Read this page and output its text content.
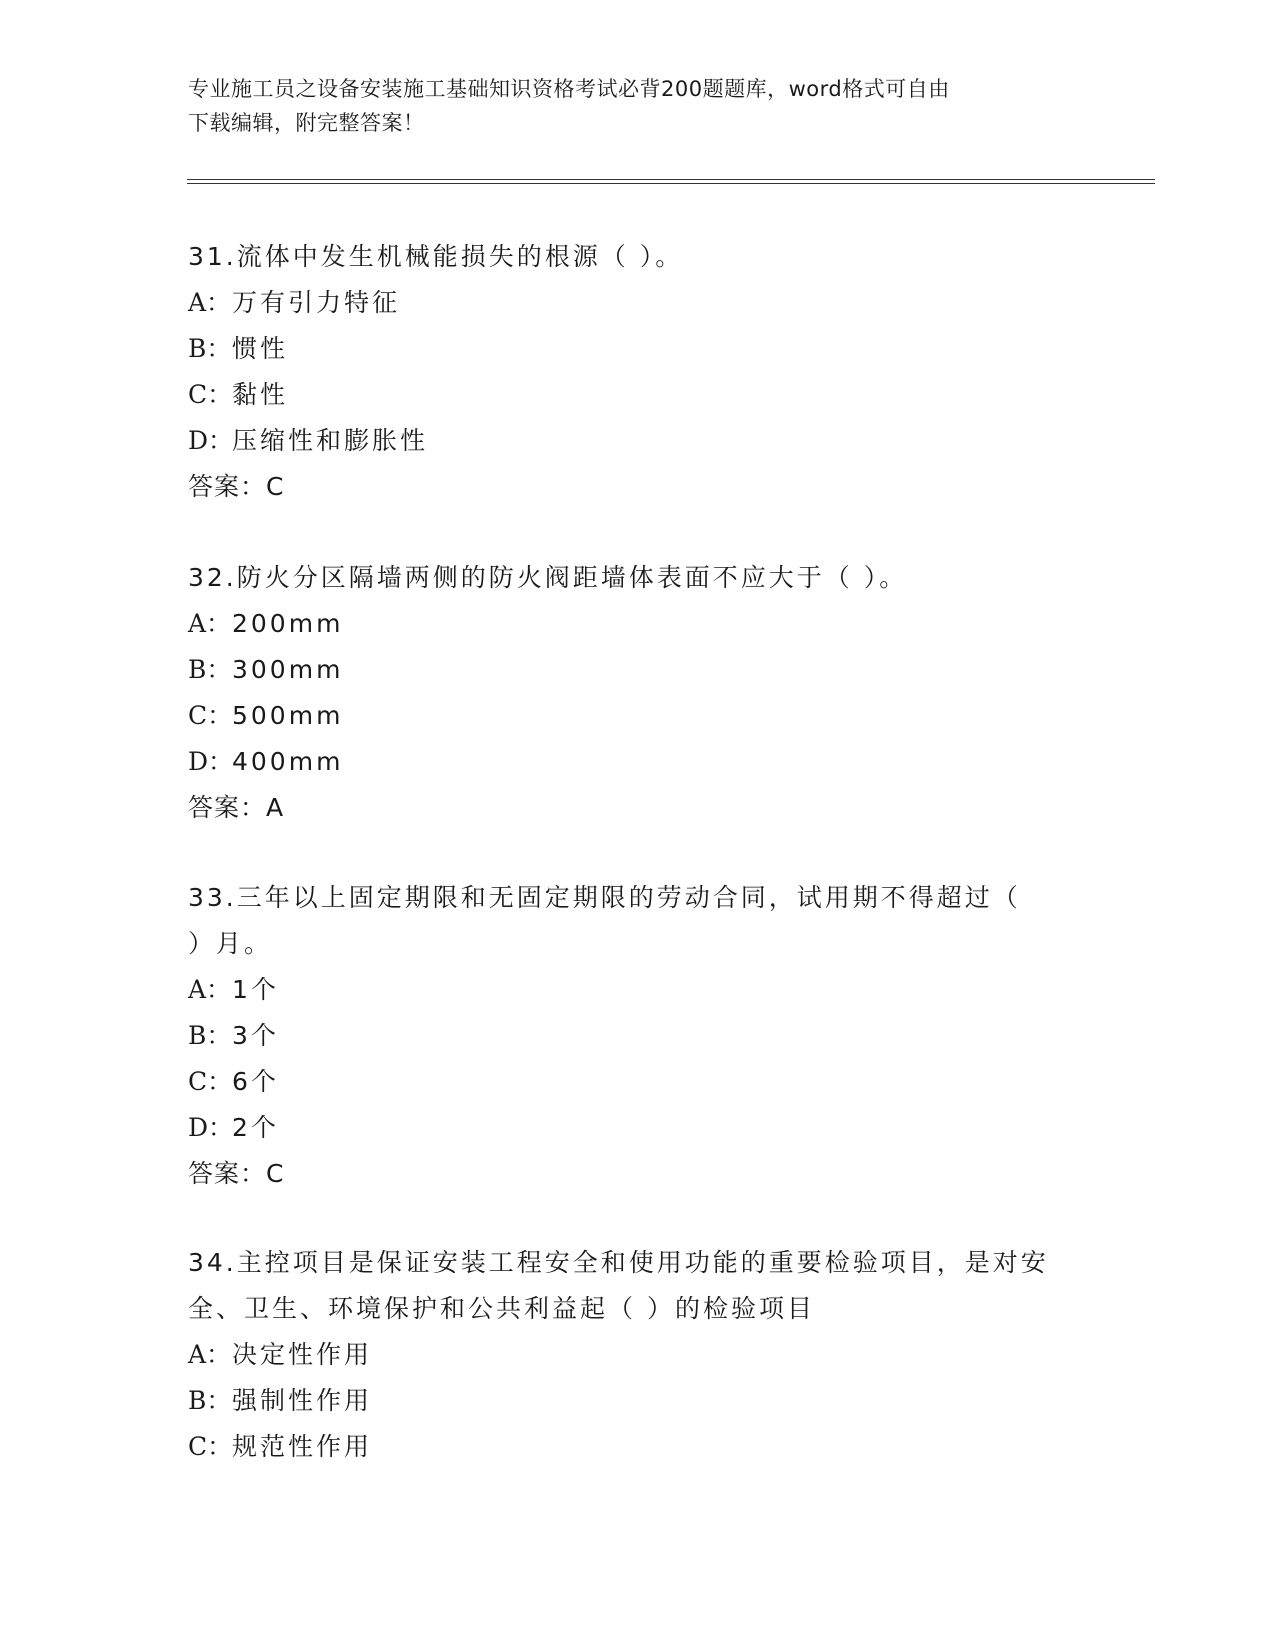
专业施工员之设备安装施工基础知识资格考试必背200题题库，word格式可自由
下载编辑，附完整答案！
31.流体中发生机械能损失的根源（ ）。
A：万有引力特征
B：惯性
C：黏性
D：压缩性和膨胀性
答案：C
32.防火分区隔墙两侧的防火阀距墙体表面不应大于（ ）。
A：200mm
B：300mm
C：500mm
D：400mm
答案：A
33.三年以上固定期限和无固定期限的劳动合同，试用期不得超过（
）月。
A：1个
B：3个
C：6个
D：2个
答案：C
34.主控项目是保证安装工程安全和使用功能的重要检验项目，是对安
全、卫生、环境保护和公共利益起（ ）的检验项目
A：决定性作用
B：强制性作用
C：规范性作用
